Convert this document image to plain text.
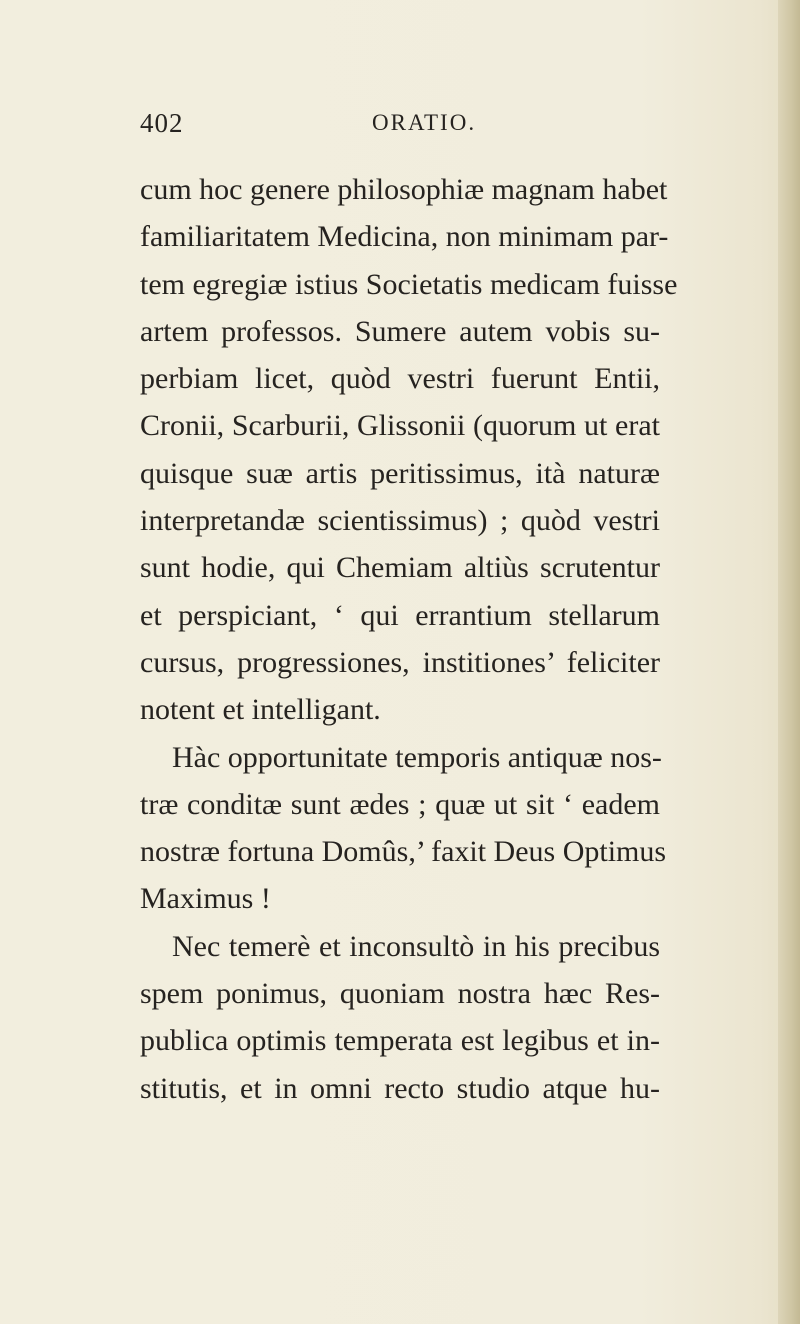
402	ORATIO.
cum hoc genere philosophiæ magnam habet
familiaritatem Medicina, non minimam par-
tem egregiæ istius Societatis medicam fuisse
artem professos. Sumere autem vobis su-
perbiam licet, quòd vestri fuerunt Entii,
Cronii, Scarburii, Glissonii (quorum ut erat
quisque suæ artis peritissimus, ità naturæ
interpretandæ scientissimus) ; quòd vestri
sunt hodie, qui Chemiam altiùs scrutentur
et perspiciant, ‘ qui errantium stellarum
cursus, progressiones, institiones’ feliciter
notent et intelligant.
Hàc opportunitate temporis antiquæ nos-
træ conditæ sunt ædes ; quæ ut sit ‘ eadem
nostræ fortuna Domûs,’ faxit Deus Optimus
Maximus !
Nec temerè et inconsultò in his precibus
spem ponimus, quoniam nostra hæc Res-
publica optimis temperata est legibus et in-
stitutis, et in omni recto studio atque hu-
